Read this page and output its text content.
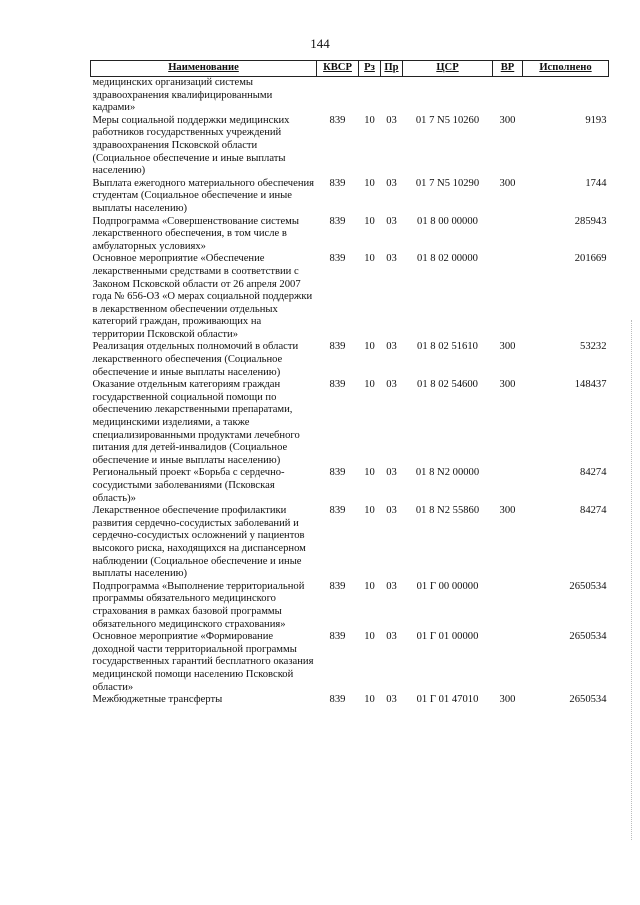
144
Наименование	КВСР	Рз	Пр	ЦСР	ВР	Исполнено
медицинских организаций системы здравоохранения квалифицированными кадрами»						
Меры социальной поддержки медицинских работников государственных учреждений здравоохранения Псковской области (Социальное обеспечение и иные выплаты населению)	839	10	03	01 7 N5 10260	300	9193
Выплата ежегодного материального обеспечения студентам (Социальное обеспечение и иные выплаты населению)	839	10	03	01 7 N5 10290	300	1744
Подпрограмма «Совершенствование системы лекарственного обеспечения, в том числе в амбулаторных условиях»	839	10	03	01 8 00 00000		285943
Основное мероприятие «Обеспечение лекарственными средствами в соответствии с Законом Псковской области от 26 апреля 2007 года № 656-ОЗ «О мерах социальной поддержки в лекарственном обеспечении отдельных категорий граждан, проживающих на территории Псковской области»	839	10	03	01 8 02 00000		201669
Реализация отдельных полномочий в области лекарственного обеспечения (Социальное обеспечение и иные выплаты населению)	839	10	03	01 8 02 51610	300	53232
Оказание отдельным категориям граждан государственной социальной помощи по обеспечению лекарственными препаратами, медицинскими изделиями, а также специализированными продуктами лечебного питания для детей-инвалидов (Социальное обеспечение и иные выплаты населению)	839	10	03	01 8 02 54600	300	148437
Региональный проект «Борьба с сердечно-сосудистыми заболеваниями (Псковская область)»	839	10	03	01 8 N2 00000		84274
Лекарственное обеспечение профилактики развития сердечно-сосудистых заболеваний и сердечно-сосудистых осложнений у пациентов высокого риска, находящихся на диспансерном наблюдении (Социальное обеспечение и иные выплаты населению)	839	10	03	01 8 N2 55860	300	84274
Подпрограмма «Выполнение территориальной программы обязательного медицинского страхования в рамках базовой программы обязательного медицинского страхования»	839	10	03	01 Г 00 00000		2650534
Основное мероприятие «Формирование доходной части территориальной программы государственных гарантий бесплатного оказания медицинской помощи населению Псковской области»	839	10	03	01 Г 01 00000		2650534
Межбюджетные трансферты	839	10	03	01 Г 01 47010	300	2650534
